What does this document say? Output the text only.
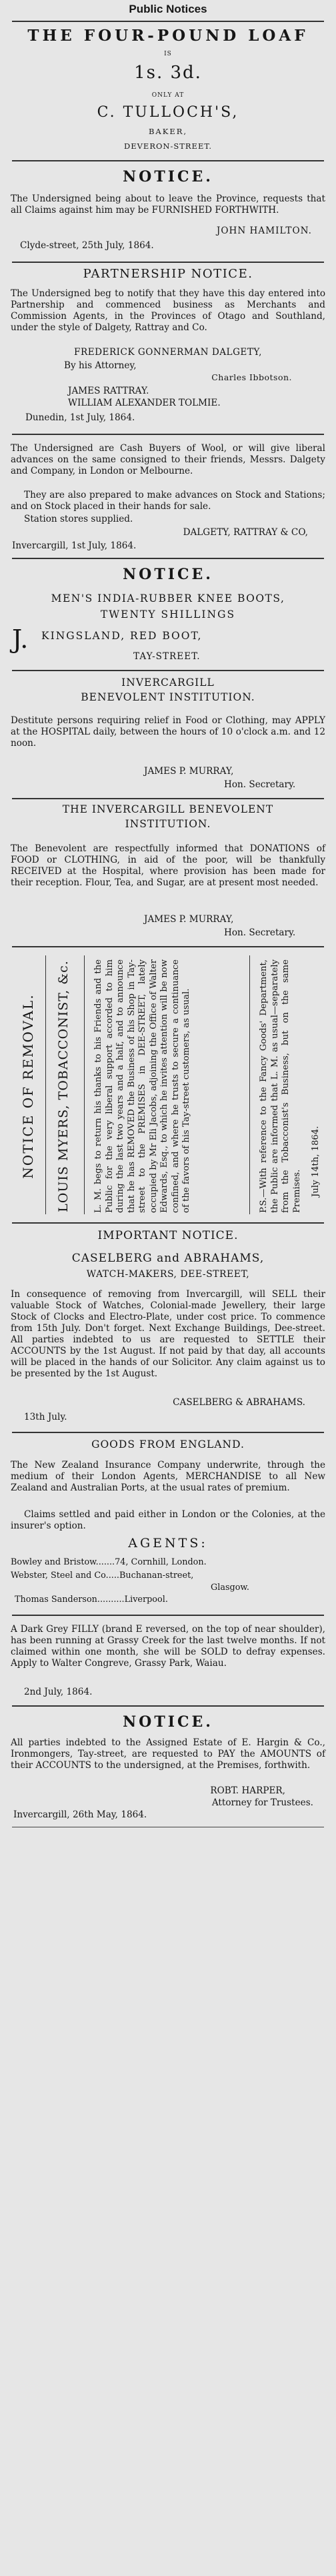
Public Notices
THE FOUR-POUND LOAF
IS
1s. 3d.
ONLY AT
C. TULLOCH'S,
BAKER,
DEVERON-STREET.
NOTICE.

The Undersigned being about to leave the Province, requests that all Claims against him may be FURNISHED FORTHWITH.

JOHN HAMILTON.
Clyde-street, 25th July, 1864.
PARTNERSHIP NOTICE.

The Undersigned beg to notify that they have this day entered into Partnership and commenced business as Merchants and Commission Agents, in the Provinces of Otago and Southland, under the style of Dalgety, Rattray and Co.

FREDERICK GONNERMAN DALGETY,
By his Attorney,
Charles Ibbotson.
JAMES RATTRAY.
WILLIAM ALEXANDER TOLMIE.
Dunedin, 1st July, 1864.

The Undersigned are Cash Buyers of Wool, or will give liberal advances on the same consigned to their friends, Messrs. Dalgety and Company, in London or Melbourne.

They are also prepared to make advances on Stock and Stations; and on Stock placed in their hands for sale.

Station stores supplied.
DALGETY, RATTRAY & CO,
Invercargill, 1st July, 1864.
NOTICE.
MEN'S INDIA-RUBBER KNEE BOOTS,
TWENTY SHILLINGS
J.	KINGSLAND, RED BOOT,
TAY-STREET.
INVERCARGILL
BENEVOLENT INSTITUTION.

Destitute persons requiring relief in Food or Clothing, may APPLY at the HOSPITAL daily, between the hours of 10 o'clock a.m. and 12 noon.

JAMES P. MURRAY,
Hon. Secretary.
THE INVERCARGILL BENEVOLENT
INSTITUTION.

The Benevolent are respectfully informed that DONATIONS of FOOD or CLOTHING, in aid of the poor, will be thankfully RECEIVED at the Hospital, where provision has been made for their reception. Flour, Tea, and Sugar, are at present most needed.

JAMES P. MURRAY,
Hon. Secretary.
NOTICE OF REMOVAL. LOUIS MYERS, TOBACCONIST, &c.	L. M. begs to return his thanks to his Friends and the Public for the very liberal support accorded to him during the last two years and a half, and to announce that he has REMOVED the Business of his Shop in Tay-street to the PREMISES in DEE-STREET, lately occupied by Mr Eli Jacobs, adjoining the Office of Walter Edwards, Esq., to which he invites attention will be now confined, and where he trusts to secure a continuance of the favors of his Tay-street customers, as usual.	P.S.—With reference to the Fancy Goods' Department, the Public are informed that L. M. as usual—separately from the Tobacconist's Business, but on the same Premises.	July 14th, 1864.
IMPORTANT NOTICE.
CASELBERG and ABRAHAMS,
WATCH-MAKERS, DEE-STREET,

In consequence of removing from Invercargill, will SELL their valuable Stock of Watches, Colonial-made Jewellery, their large Stock of Clocks and Electro-Plate, under cost price. To commence from 15th July. Don't forget. Next Exchange Buildings, Dee-street. All parties indebted to us are requested to SETTLE their ACCOUNTS by the 1st August. If not paid by that day, all accounts will be placed in the hands of our Solicitor. Any claim against us to be presented by the 1st August.

CASELBERG & ABRAHAMS.
13th July.
GOODS FROM ENGLAND.

The New Zealand Insurance Company underwrite, through the medium of their London Agents, MERCHANDISE to all New Zealand and Australian Ports, at the usual rates of premium.

Claims settled and paid either in London or the Colonies, at the insurer's option.

AGENTS:
Bowley and Bristow.......74, Cornhill, London.
Webster, Steel and Co.....Buchanan-street,
Glasgow.
Thomas Sanderson..........Liverpool.

A Dark Grey FILLY (brand E reversed, on the top of near shoulder), has been running at Grassy Creek for the last twelve months. If not claimed within one month, she will be SOLD to defray expenses. Apply to Walter Congreve, Grassy Park, Waiau.

2nd July, 1864.
NOTICE.

All parties indebted to the Assigned Estate of E. Hargin & Co., Ironmongers, Tay-street, are requested to PAY the AMOUNTS of their ACCOUNTS to the undersigned, at the Premises, forthwith.

ROBT. HARPER,
Attorney for Trustees.
Invercargill, 26th May, 1864.
